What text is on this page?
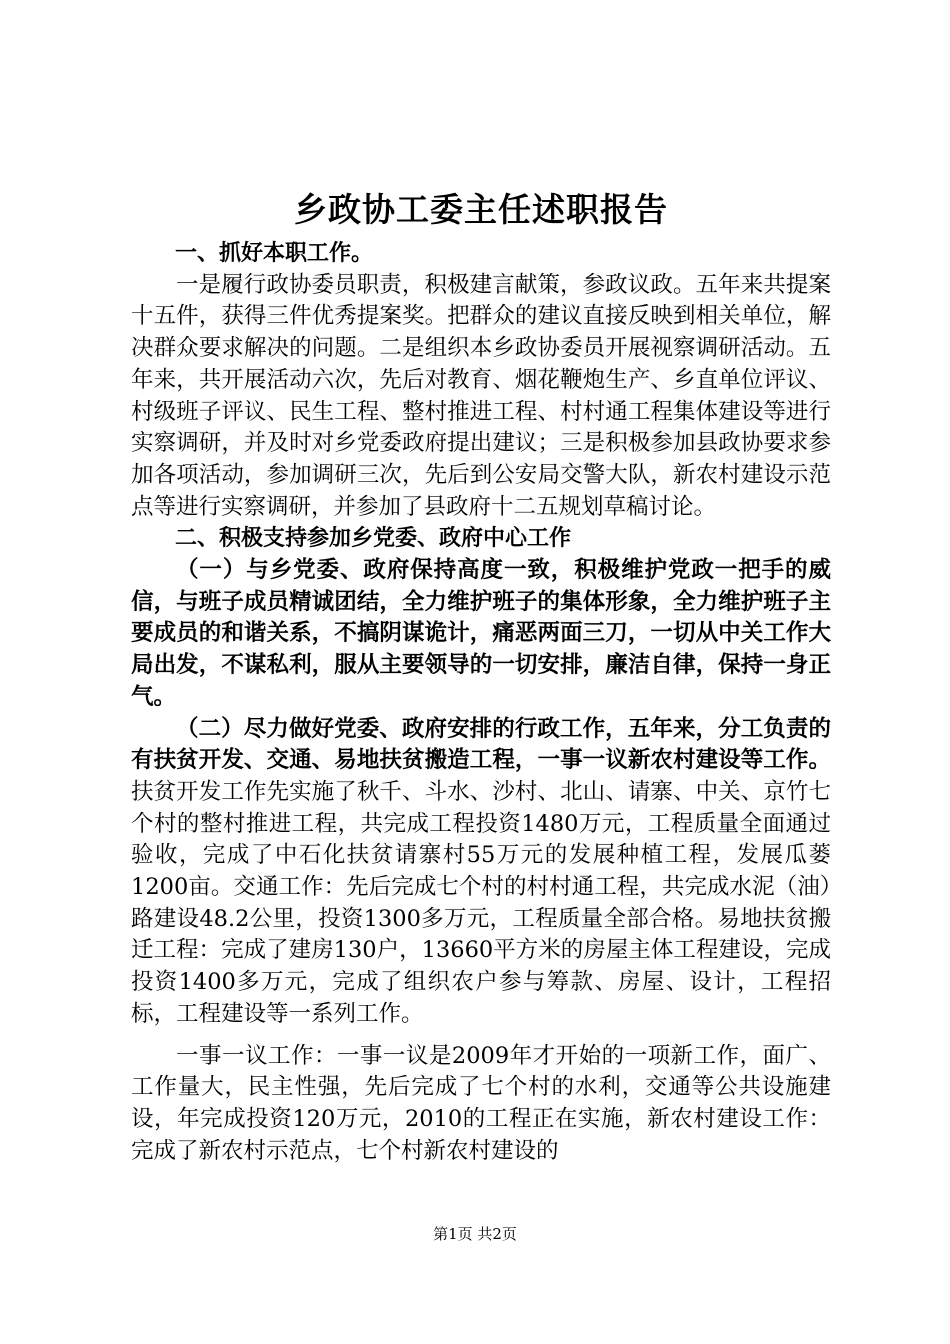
乡政协工委主任述职报告

一、抓好本职工作。

一是履行政协委员职责，积极建言献策，参政议政。五年来共提案十五件，获得三件优秀提案奖。把群众的建议直接反映到相关单位，解决群众要求解决的问题。二是组织本乡政协委员开展视察调研活动。五年来，共开展活动六次，先后对教育、烟花鞭炮生产、乡直单位评议、村级班子评议、民生工程、整村推进工程、村村通工程集体建设等进行实察调研，并及时对乡党委政府提出建议；三是积极参加县政协要求参加各项活动，参加调研三次，先后到公安局交警大队，新农村建设示范点等进行实察调研，并参加了县政府十二五规划草稿讨论。

二、积极支持参加乡党委、政府中心工作

（一）与乡党委、政府保持高度一致，积极维护党政一把手的威信，与班子成员精诚团结，全力维护班子的集体形象，全力维护班子主要成员的和谐关系，不搞阴谋诡计，痛恶两面三刀，一切从中关工作大局出发，不谋私利，服从主要领导的一切安排，廉洁自律，保持一身正气。

（二）尽力做好党委、政府安排的行政工作，五年来，分工负责的有扶贫开发、交通、易地扶贫搬造工程，一事一议新农村建设等工作。扶贫开发工作先实施了秋千、斗水、沙村、北山、请寨、中关、京竹七个村的整村推进工程，共完成工程投资1480万元，工程质量全面通过验收，完成了中石化扶贫请寨村55万元的发展种植工程，发展瓜蒌1200亩。交通工作：先后完成七个村的村村通工程，共完成水泥（油）路建设48.2公里，投资1300多万元，工程质量全部合格。易地扶贫搬迁工程：完成了建房130户，13660平方米的房屋主体工程建设，完成投资1400多万元，完成了组织农户参与筹款、房屋、设计，工程招标，工程建设等一系列工作。

一事一议工作：一事一议是2009年才开始的一项新工作，面广、工作量大，民主性强，先后完成了七个村的水利，交通等公共设施建设，年完成投资120万元，2010的工程正在实施，新农村建设工作：完成了新农村示范点，七个村新农村建设的

第1页 共2页
